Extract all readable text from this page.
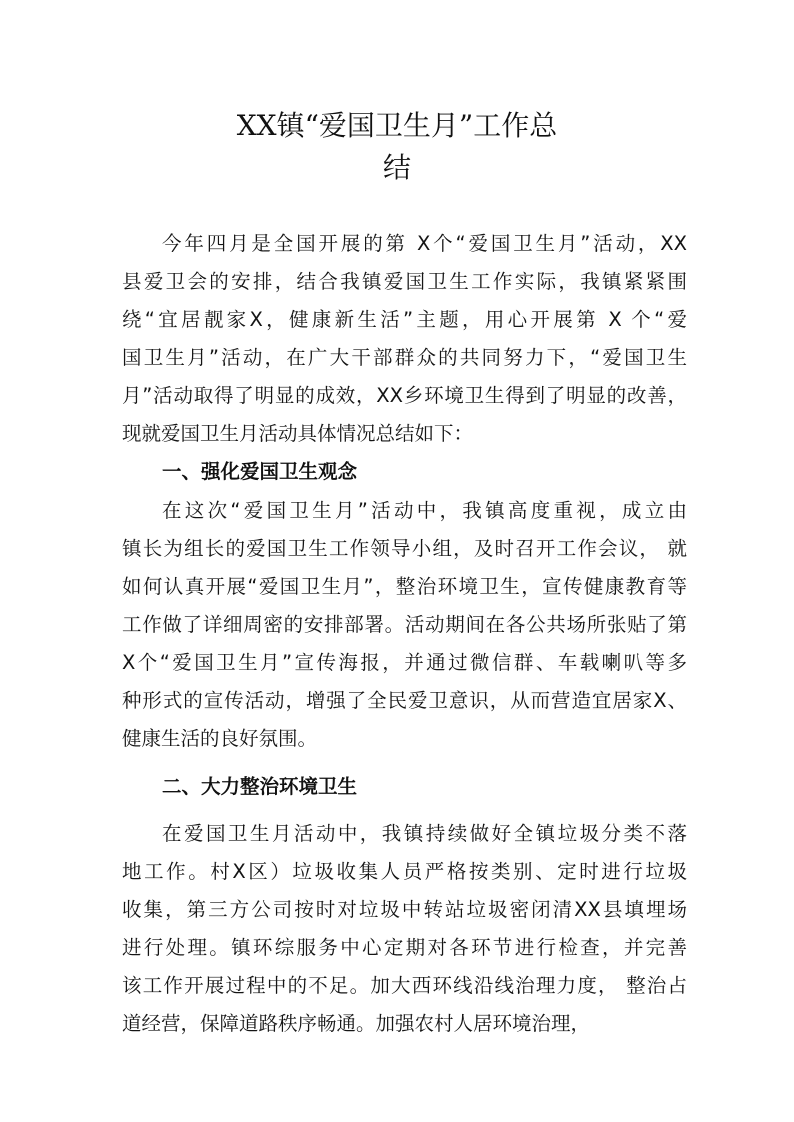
XX镇“爱国卫生月”工作总
结
今年四月是全国开展的第 X个“爱国卫生月”活动，XX
县爱卫会的安排，结合我镇爱国卫生工作实际，我镇紧紧围
绕“宜居靓家X，健康新生活”主题，用心开展第 X 个“爱
国卫生月”活动，在广大干部群众的共同努力下，“爱国卫生
月”活动取得了明显的成效，XX乡环境卫生得到了明显的改善，
现就爱国卫生月活动具体情况总结如下：
一、强化爱国卫生观念
在这次“爱国卫生月”活动中，我镇高度重视，成立由
镇长为组长的爱国卫生工作领导小组，及时召开工作会议， 就
如何认真开展“爱国卫生月”，整治环境卫生，宣传健康教育等
工作做了详细周密的安排部署。活动期间在各公共场所张贴了第
X个“爱国卫生月”宣传海报，并通过微信群、车载喇叭等多
种形式的宣传活动，增强了全民爱卫意识，从而营造宜居家X、
健康生活的良好氛围。
二、大力整治环境卫生
在爱国卫生月活动中，我镇持续做好全镇垃圾分类不落
地工作。村X区）垃圾收集人员严格按类别、定时进行垃圾
收集，第三方公司按时对垃圾中转站垃圾密闭清XX县填埋场
进行处理。镇环综服务中心定期对各环节进行检查，并完善
该工作开展过程中的不足。加大西环线沿线治理力度， 整治占
道经营，保障道路秩序畅通。加强农村人居环境治理，
